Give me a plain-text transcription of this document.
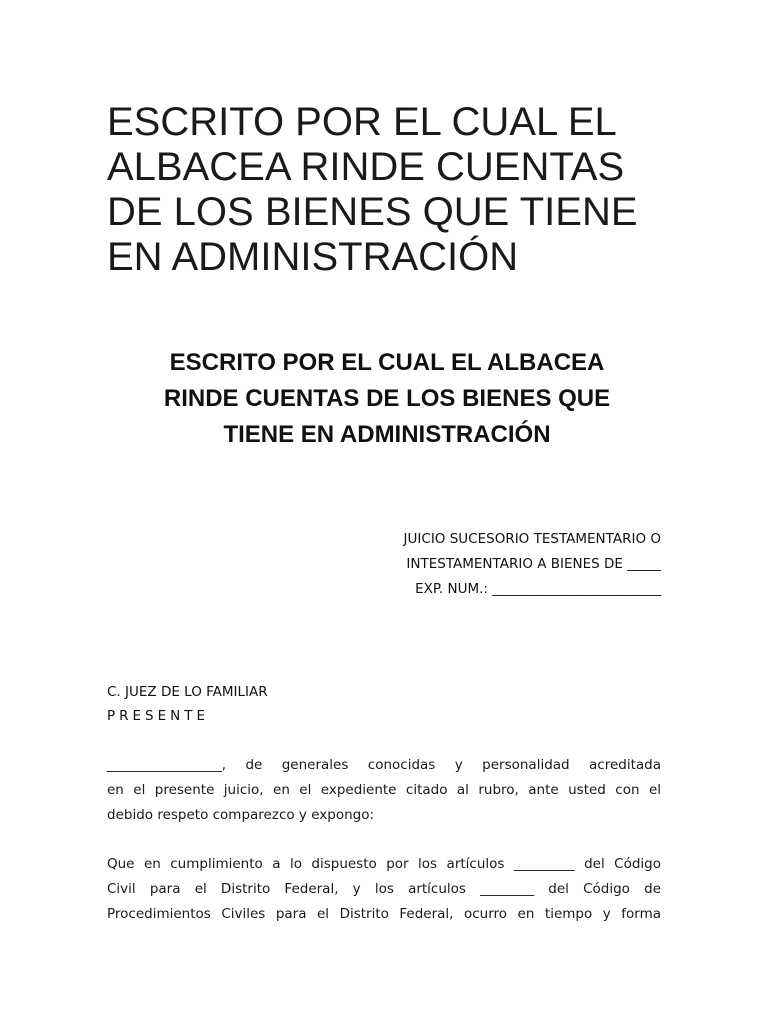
ESCRITO POR EL CUAL EL
ALBACEA RINDE CUENTAS
DE LOS BIENES QUE TIENE
EN ADMINISTRACIÓN
ESCRITO POR EL CUAL EL ALBACEA
RINDE CUENTAS DE LOS BIENES QUE
TIENE EN ADMINISTRACIÓN
JUICIO SUCESORIO TESTAMENTARIO O
INTESTAMENTARIO A BIENES DE _____
EXP. NUM.: _________________________
C. JUEZ DE LO FAMILIAR
PRESENTE
_________________, de generales conocidas y personalidad acreditada
en el presente juicio, en el expediente citado al rubro, ante usted con el
debido respeto comparezco y expongo:
Que en cumplimiento a lo dispuesto por los artículos _________ del Código
Civil para el Distrito Federal, y los artículos ________ del Código de
Procedimientos Civiles para el Distrito Federal, ocurro en tiempo y forma
